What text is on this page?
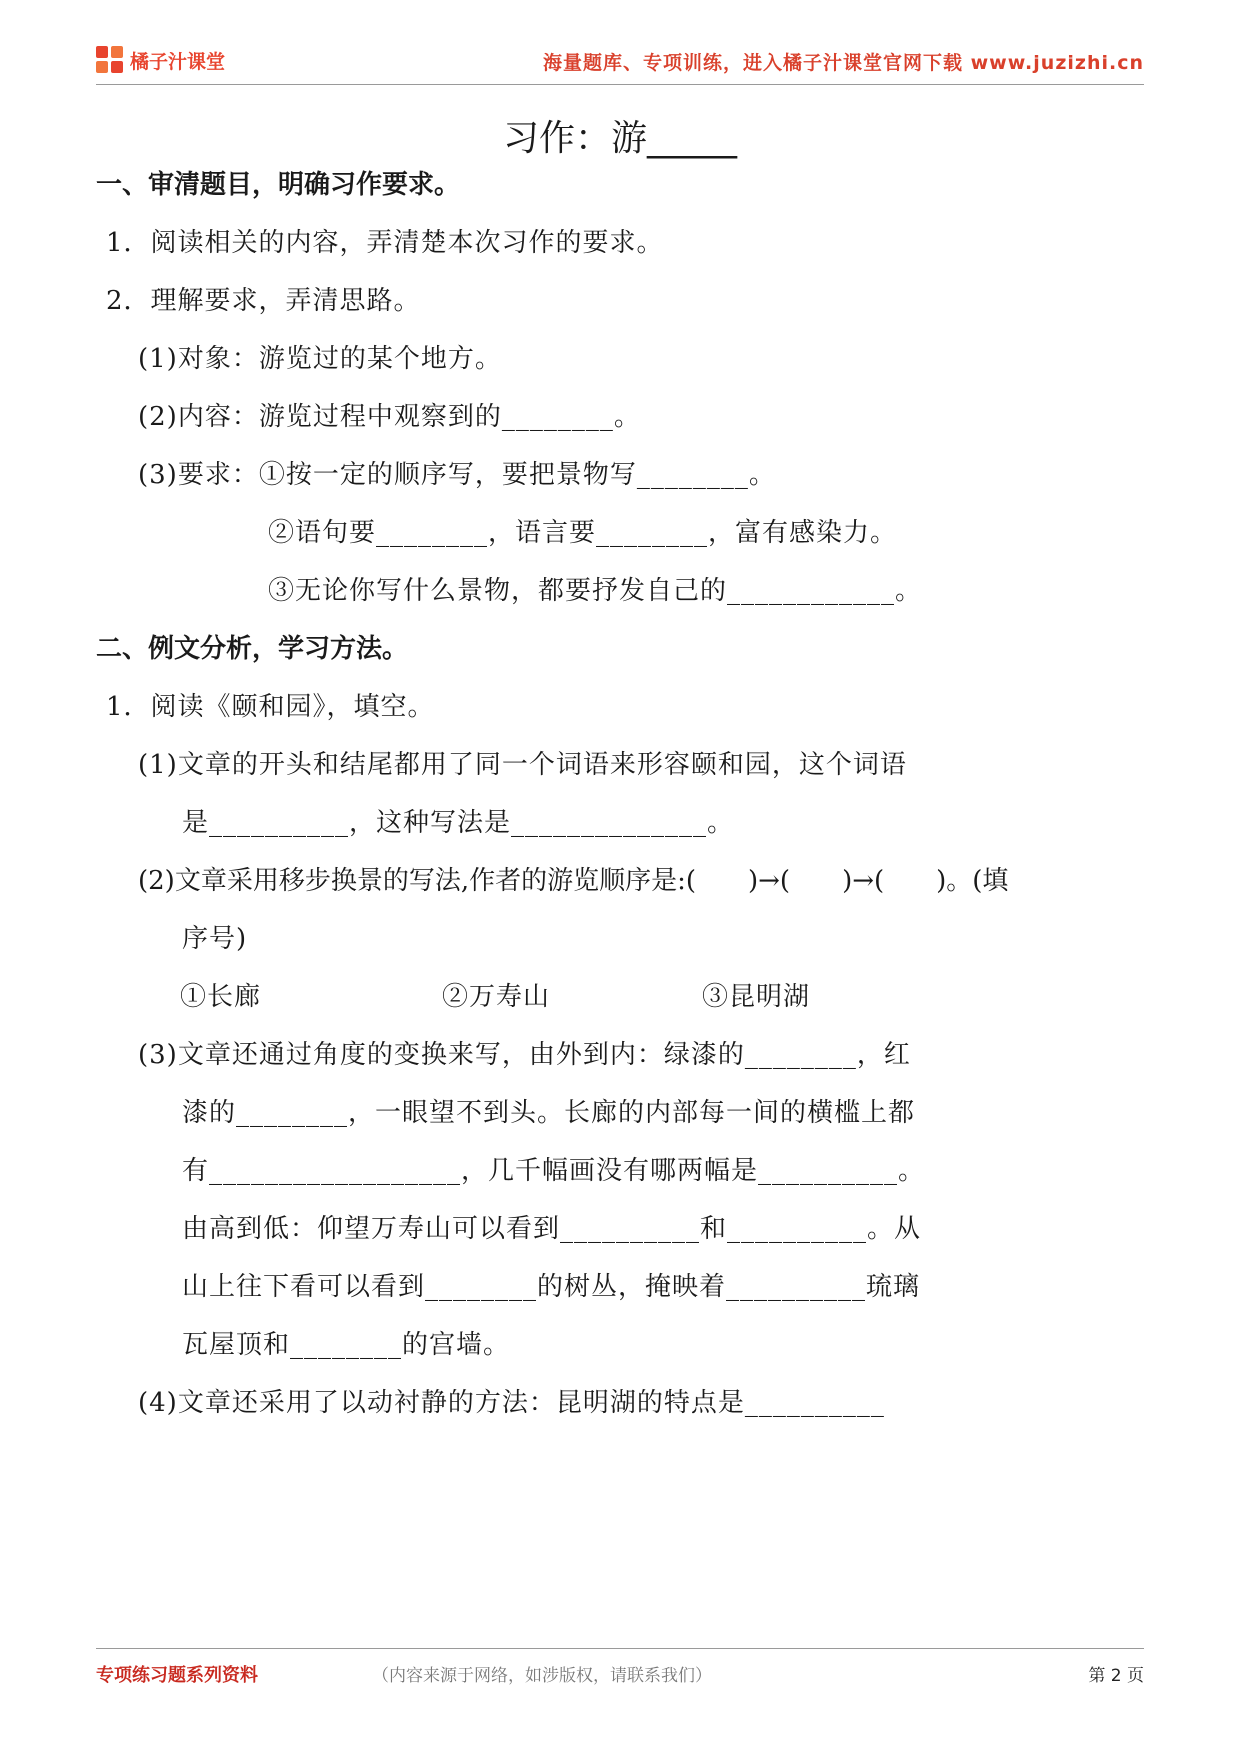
橘子汁课堂	海量题库、专项训练，进入橘子汁课堂官网下载 www.juzizhi.cn
习作：游_____
一、审清题目，明确习作要求。
1．阅读相关的内容，弄清楚本次习作的要求。
2．理解要求，弄清思路。
(1)对象：游览过的某个地方。
(2)内容：游览过程中观察到的________。
(3)要求：①按一定的顺序写，要把景物写________。
②语句要________，语言要________，富有感染力。
③无论你写什么景物，都要抒发自己的____________。
二、例文分析，学习方法。
1．阅读《颐和园》，填空。
(1)文章的开头和结尾都用了同一个词语来形容颐和园，这个词语
是__________，这种写法是______________。
(2)文章采用移步换景的写法,作者的游览顺序是:(　　)→(　　)→(　　)。(填
序号)
①长廊	②万寿山	③昆明湖
(3)文章还通过角度的变换来写，由外到内：绿漆的________，红
漆的________，一眼望不到头。长廊的内部每一间的横槛上都
有__________________，几千幅画没有哪两幅是__________。
由高到低：仰望万寿山可以看到__________和__________。从
山上往下看可以看到________的树丛，掩映着__________琉璃
瓦屋顶和________的宫墙。
(4)文章还采用了以动衬静的方法：昆明湖的特点是__________
专项练习题系列资料	（内容来源于网络，如涉版权，请联系我们）	第 2 页
